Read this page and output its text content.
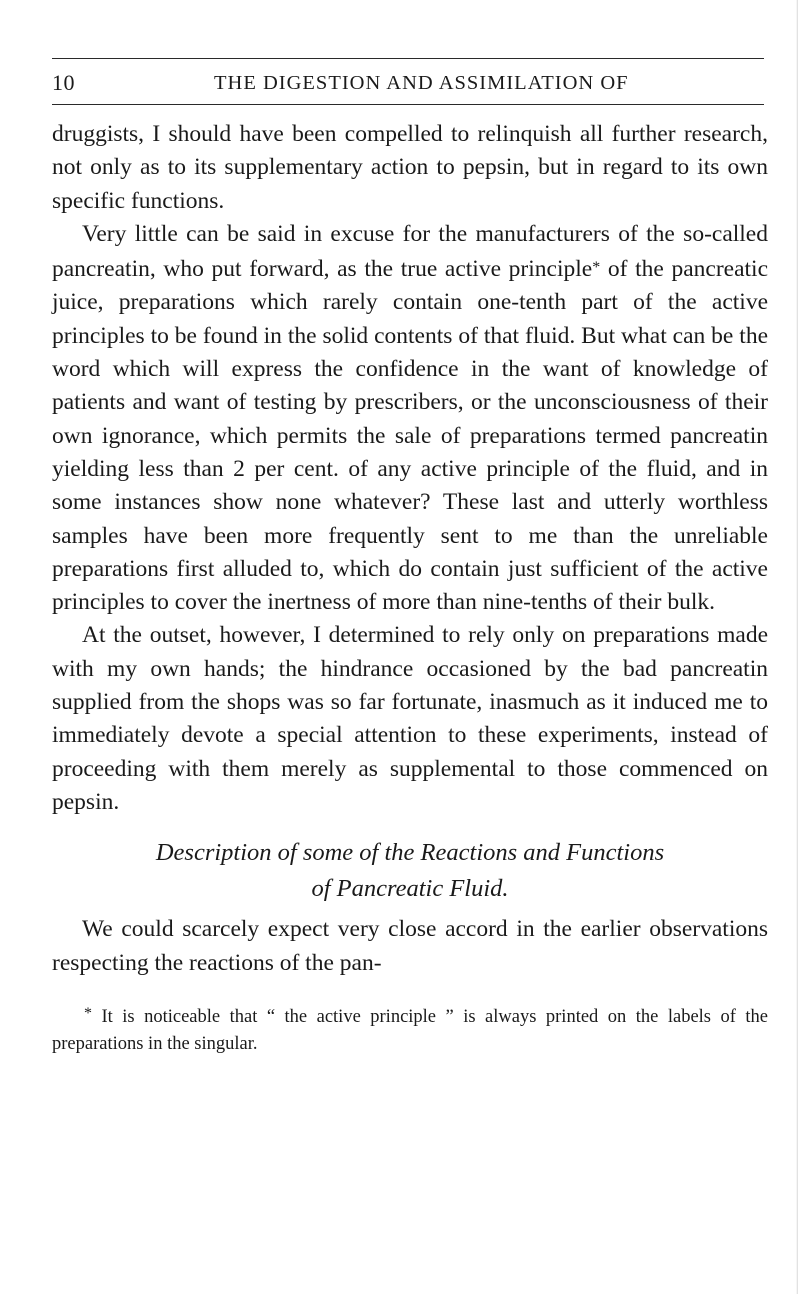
10	THE DIGESTION AND ASSIMILATION OF

druggists, I should have been compelled to relinquish all further research, not only as to its supplementary action to pepsin, but in regard to its own specific functions.

Very little can be said in excuse for the manufacturers of the so-called pancreatin, who put forward, as the true active principle* of the pancreatic juice, preparations which rarely contain one-tenth part of the active principles to be found in the solid contents of that fluid. But what can be the word which will express the confidence in the want of knowledge of patients and want of testing by prescribers, or the unconsciousness of their own ignorance, which permits the sale of preparations termed pancreatin yielding less than 2 per cent. of any active principle of the fluid, and in some instances show none whatever? These last and utterly worthless samples have been more frequently sent to me than the unreliable preparations first alluded to, which do contain just sufficient of the active principles to cover the inertness of more than nine-tenths of their bulk.

At the outset, however, I determined to rely only on preparations made with my own hands; the hindrance occasioned by the bad pancreatin supplied from the shops was so far fortunate, inasmuch as it induced me to immediately devote a special attention to these experiments, instead of proceeding with them merely as supplemental to those commenced on pepsin.

Description of some of the Reactions and Functions
of Pancreatic Fluid.

We could scarcely expect very close accord in the earlier observations respecting the reactions of the pan-

* It is noticeable that “ the active principle ” is always printed on the labels of the preparations in the singular.
